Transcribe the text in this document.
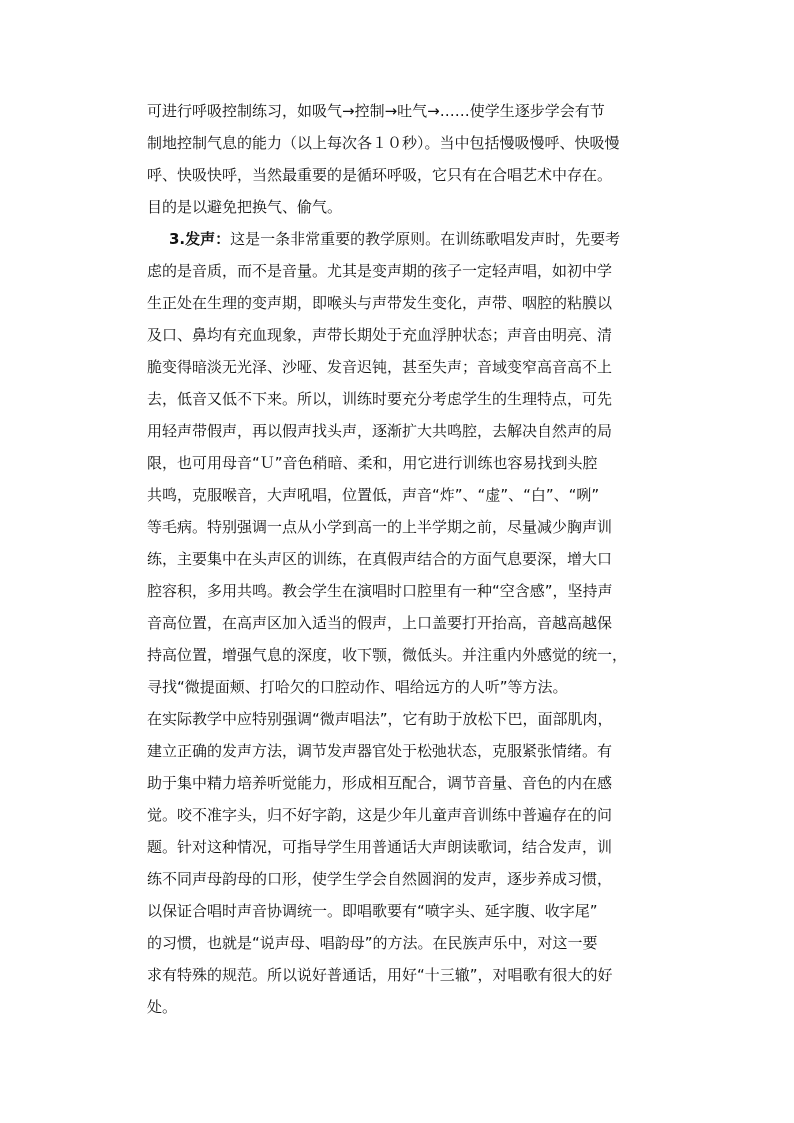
可进行呼吸控制练习，如吸气→控制→吐气→……使学生逐步学会有节
制地控制气息的能力（以上每次各１０秒）。当中包括慢吸慢呼、快吸慢
呼、快吸快呼，当然最重要的是循环呼吸，它只有在合唱艺术中存在。
目的是以避免把换气、偷气。
3.发声：这是一条非常重要的教学原则。在训练歌唱发声时，先要考
虑的是音质，而不是音量。尤其是变声期的孩子一定轻声唱，如初中学
生正处在生理的变声期，即喉头与声带发生变化，声带、咽腔的粘膜以
及口、鼻均有充血现象，声带长期处于充血浮肿状态；声音由明亮、清
脆变得暗淡无光泽、沙哑、发音迟钝，甚至失声；音域变窄高音高不上
去，低音又低不下来。所以，训练时要充分考虑学生的生理特点，可先
用轻声带假声，再以假声找头声，逐渐扩大共鸣腔，去解决自然声的局
限，也可用母音“Ｕ”音色稍暗、柔和，用它进行训练也容易找到头腔
共鸣，克服喉音，大声吼唱，位置低，声音“炸”、“虚”、“白”、“咧”
等毛病。特别强调一点从小学到高一的上半学期之前，尽量减少胸声训
练，主要集中在头声区的训练，在真假声结合的方面气息要深，增大口
腔容积，多用共鸣。教会学生在演唱时口腔里有一种“空含感”，坚持声
音高位置，在高声区加入适当的假声，上口盖要打开抬高，音越高越保
持高位置，增强气息的深度，收下颚，微低头。并注重内外感觉的统一，
寻找“微提面颊、打哈欠的口腔动作、唱给远方的人听”等方法。
在实际教学中应特别强调“微声唱法”，它有助于放松下巴，面部肌肉，
建立正确的发声方法，调节发声器官处于松弛状态，克服紧张情绪。有
助于集中精力培养听觉能力，形成相互配合，调节音量、音色的内在感
觉。咬不准字头，归不好字韵，这是少年儿童声音训练中普遍存在的问
题。针对这种情况，可指导学生用普通话大声朗读歌词，结合发声，训
练不同声母韵母的口形，使学生学会自然圆润的发声，逐步养成习惯，
以保证合唱时声音协调统一。即唱歌要有“喷字头、延字腹、收字尾”
的习惯，也就是“说声母、唱韵母”的方法。在民族声乐中，对这一要
求有特殊的规范。所以说好普通话，用好“十三辙”，对唱歌有很大的好
处。
